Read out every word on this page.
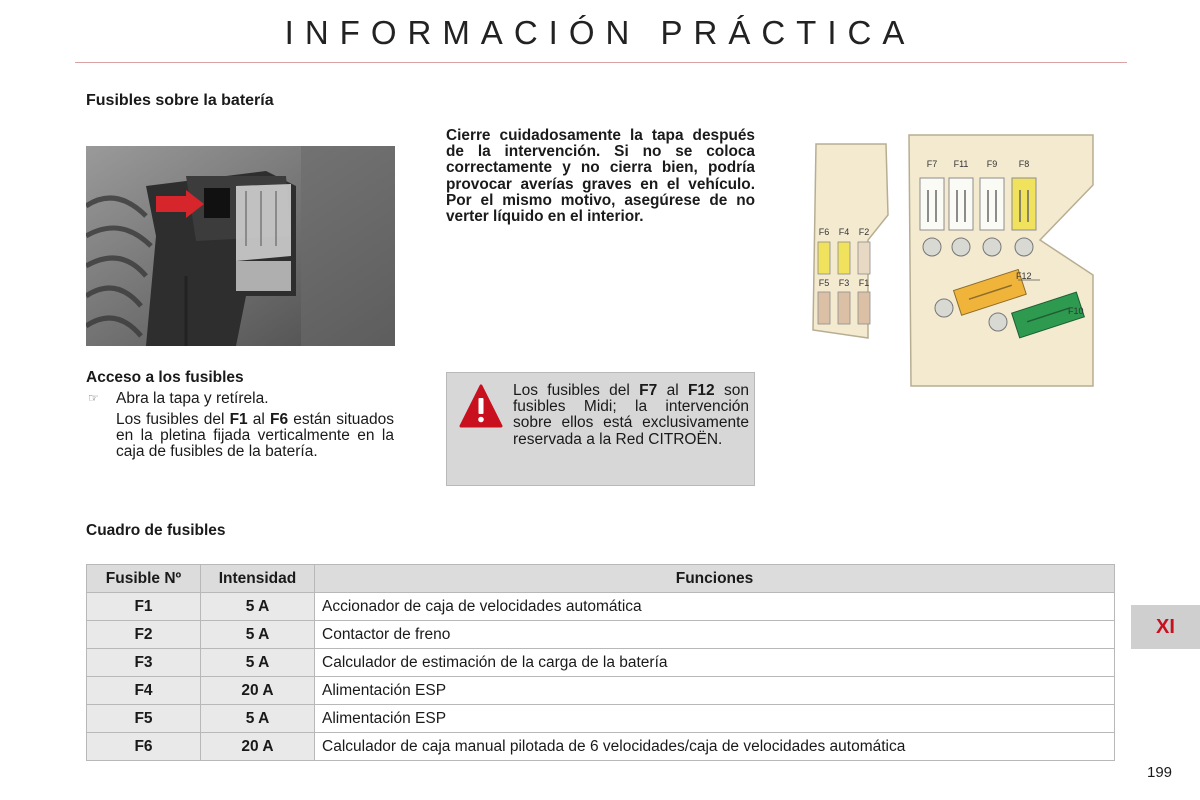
INFORMACIÓN PRÁCTICA
Fusibles sobre la batería
Cierre cuidadosamente la tapa después de la intervención. Si no se coloca correctamente y no cierra bien, podría provocar averías graves en el vehículo. Por el mismo motivo, asegúrese de no verter líquido en el interior.
F7 F11 F9 F8
F6 F4 F2
F5 F3 F1
F12
F10
Acceso a los fusibles
☞ Abra la tapa y retírela.
Los fusibles del F1 al F6 están situados en la pletina fijada verticalmente en la caja de fusibles de la batería.
Los fusibles del F7 al F12 son fusibles Midi; la intervención sobre ellos está exclusivamente reservada a la Red CITROËN.
Cuadro de fusibles
Fusible Nº	Intensidad	Funciones
F1	5 A	Accionador de caja de velocidades automática
F2	5 A	Contactor de freno
F3	5 A	Calculador de estimación de la carga de la batería
F4	20 A	Alimentación ESP
F5	5 A	Alimentación ESP
F6	20 A	Calculador de caja manual pilotada de 6 velocidades/caja de velocidades automática
XI
199
